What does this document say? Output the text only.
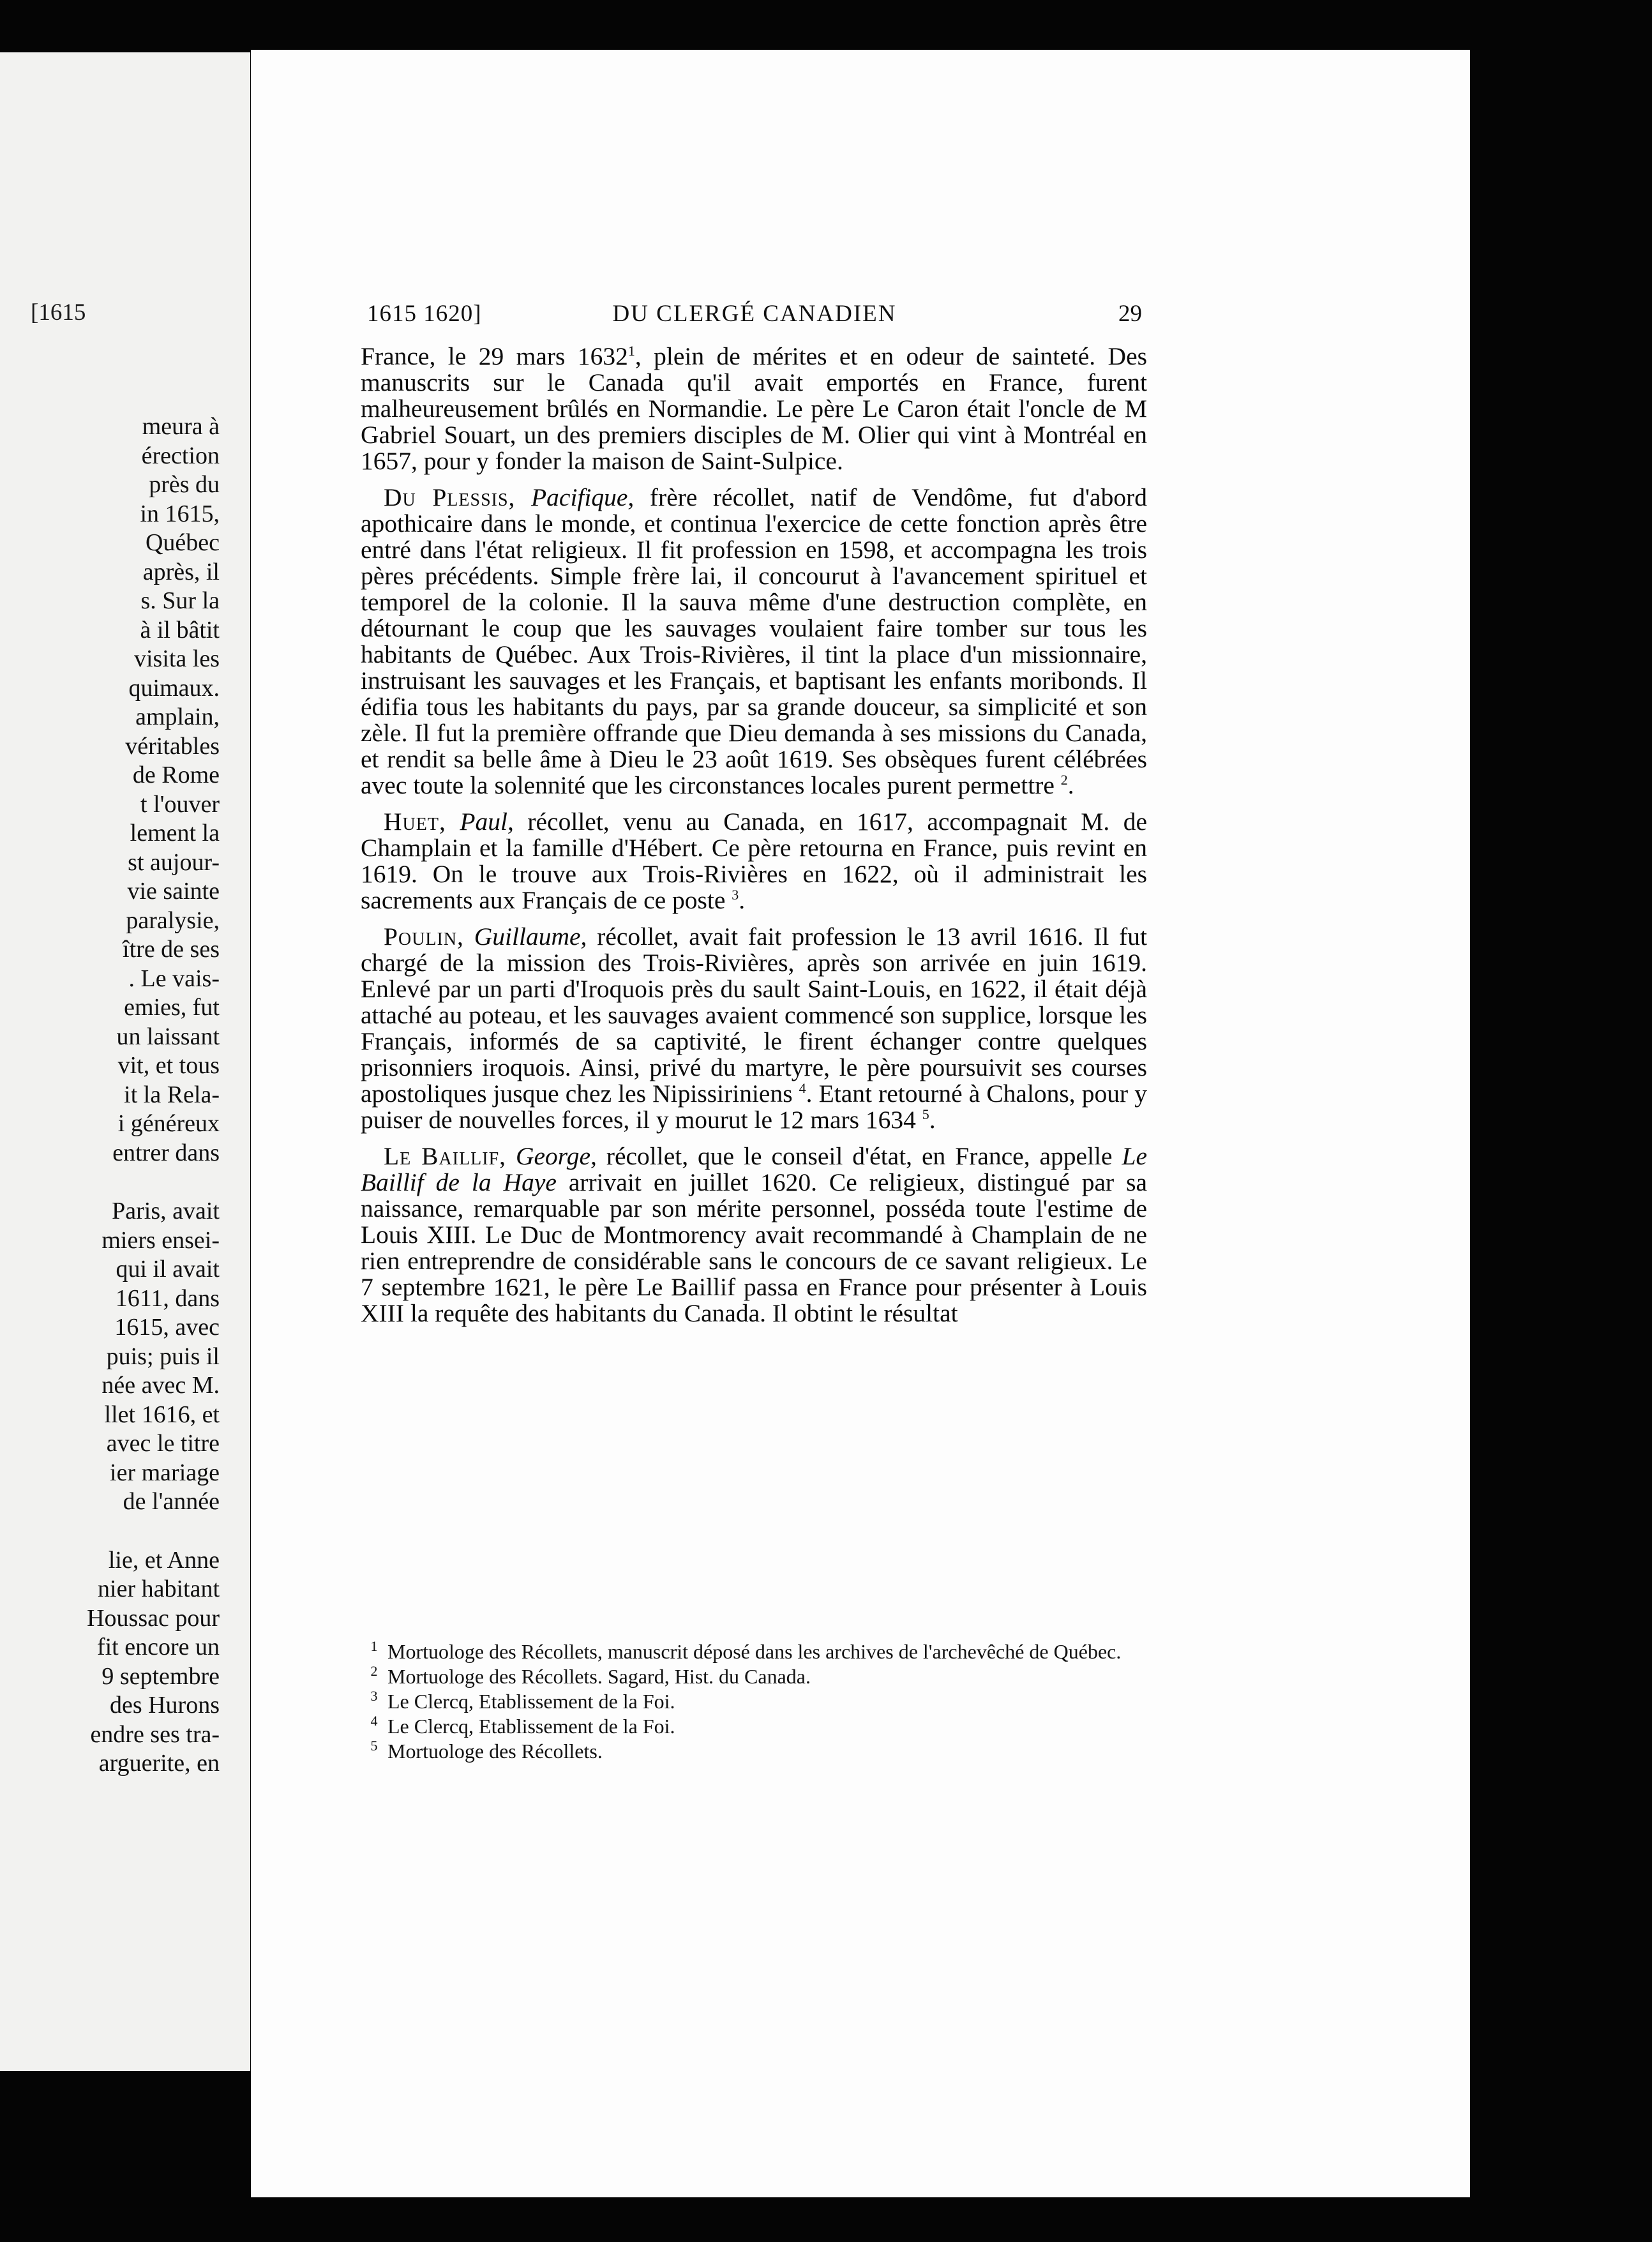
[1615
meura à
érection
près du
in 1615,
Québec
après, il
s. Sur la
à il bâtit
visita les
quimaux.
amplain,
véritables
de Rome
t l'ouver
lement la
st aujour-
vie sainte
paralysie,
ître de ses
. Le vais-
emies, fut
un laissant
vit, et tous
it la Rela-
i généreux
entrer dans
Paris, avait
miers ensei-
qui il avait
1611, dans
1615, avec
puis; puis il
née avec M.
llet 1616, et
avec le titre
ier mariage
de l'année
lie, et Anne
nier habitant
Houssac pour
fit encore un
9 septembre
des Hurons
endre ses tra-
arguerite, en
1615 1620]	DU CLERGÉ CANADIEN	29

France, le 29 mars 1632$^1$, plein de mérites et en odeur de sainteté. Des manuscrits sur le Canada qu'il avait emportés en France, furent malheureusement brûlés en Normandie. Le père Le Caron était l'oncle de M Gabriel Souart, un des premiers disciples de M. Olier qui vint à Montréal en 1657, pour y fonder la maison de Saint-Sulpice.

Du Plessis, Pacifique, frère récollet, natif de Vendôme, fut d'abord apothicaire dans le monde, et continua l'exercice de cette fonction après être entré dans l'état religieux. Il fit profession en 1598, et accompagna les trois pères précédents. Simple frère lai, il concourut à l'avancement spirituel et temporel de la colonie. Il la sauva même d'une destruction complète, en détournant le coup que les sauvages voulaient faire tomber sur tous les habitants de Québec. Aux Trois-Rivières, il tint la place d'un missionnaire, instruisant les sauvages et les Français, et baptisant les enfants moribonds. Il édifia tous les habitants du pays, par sa grande douceur, sa simplicité et son zèle. Il fut la première offrande que Dieu demanda à ses missions du Canada, et rendit sa belle âme à Dieu le 23 août 1619. Ses obsèques furent célébrées avec toute la solennité que les circonstances locales purent permettre $^2$.

Huet, Paul, récollet, venu au Canada, en 1617, accompagnait M. de Champlain et la famille d'Hébert. Ce père retourna en France, puis revint en 1619. On le trouve aux Trois-Rivières en 1622, où il administrait les sacrements aux Français de ce poste $^3$.

Poulin, Guillaume, récollet, avait fait profession le 13 avril 1616. Il fut chargé de la mission des Trois-Rivières, après son arrivée en juin 1619. Enlevé par un parti d'Iroquois près du sault Saint-Louis, en 1622, il était déjà attaché au poteau, et les sauvages avaient commencé son supplice, lorsque les Français, informés de sa captivité, le firent échanger contre quelques prisonniers iroquois. Ainsi, privé du martyre, le père poursuivit ses courses apostoliques jusque chez les Nipissiriniens $^4$. Etant retourné à Chalons, pour y puiser de nouvelles forces, il y mourut le 12 mars 1634 $^5$.

Le Baillif, George, récollet, que le conseil d'état, en France, appelle Le Baillif de la Haye arrivait en juillet 1620. Ce religieux, distingué par sa naissance, remarquable par son mérite personnel, posséda toute l'estime de Louis XIII. Le Duc de Montmorency avait recommandé à Champlain de ne rien entreprendre de considérable sans le concours de ce savant religieux. Le 7 septembre 1621, le père Le Baillif passa en France pour présenter à Louis XIII la requête des habitants du Canada. Il obtint le résultat

1 Mortuologe des Récollets, manuscrit déposé dans les archives de l'archevêché de Québec.

2 Mortuologe des Récollets. Sagard, Hist. du Canada.

3 Le Clercq, Etablissement de la Foi.

4 Le Clercq, Etablissement de la Foi.

5 Mortuologe des Récollets.
